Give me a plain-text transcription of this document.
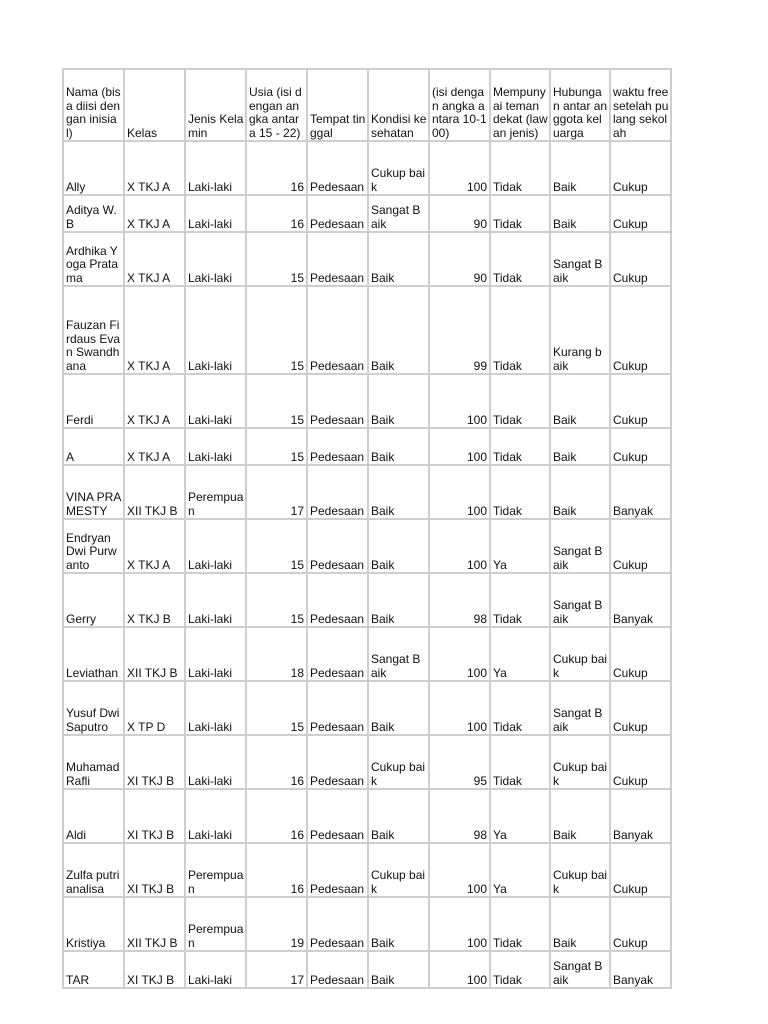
Nama (bisa diisi dengan inisial)	Kelas	Jenis Kelamin	Usia (isi dengan angka antara 15 - 22)	Tempat tinggal	Kondisi kesehatan	(isi dengan angka antara 10-100)	Mempunyai teman dekat (lawan jenis)	Hubungan antar anggota keluarga	waktu free setelah pulang sekolah
Ally	X TKJ A	Laki-laki	16	Pedesaan	Cukup baik	100	Tidak	Baik	Cukup
Aditya W.B	X TKJ A	Laki-laki	16	Pedesaan	Sangat Baik	90	Tidak	Baik	Cukup
Ardhika Yoga Pratama	X TKJ A	Laki-laki	15	Pedesaan	Baik	90	Tidak	Sangat Baik	Cukup
Fauzan Firdaus Evan Swandhana	X TKJ A	Laki-laki	15	Pedesaan	Baik	99	Tidak	Kurang baik	Cukup
Ferdi	X TKJ A	Laki-laki	15	Pedesaan	Baik	100	Tidak	Baik	Cukup
A	X TKJ A	Laki-laki	15	Pedesaan	Baik	100	Tidak	Baik	Cukup
VINA PRAMESTY	XII TKJ B	Perempuan	17	Pedesaan	Baik	100	Tidak	Baik	Banyak
Endryan Dwi Purwanto	X TKJ A	Laki-laki	15	Pedesaan	Baik	100	Ya	Sangat Baik	Cukup
Gerry	X TKJ B	Laki-laki	15	Pedesaan	Baik	98	Tidak	Sangat Baik	Banyak
Leviathan	XII TKJ B	Laki-laki	18	Pedesaan	Sangat Baik	100	Ya	Cukup baik	Cukup
Yusuf Dwi Saputro	X TP D	Laki-laki	15	Pedesaan	Baik	100	Tidak	Sangat Baik	Cukup
Muhamad Rafli	XI TKJ B	Laki-laki	16	Pedesaan	Cukup baik	95	Tidak	Cukup baik	Cukup
Aldi	XI TKJ B	Laki-laki	16	Pedesaan	Baik	98	Ya	Baik	Banyak
Zulfa putri analisa	XI TKJ B	Perempuan	16	Pedesaan	Cukup baik	100	Ya	Cukup baik	Cukup
Kristiya	XII TKJ B	Perempuan	19	Pedesaan	Baik	100	Tidak	Baik	Cukup
TAR	XI TKJ B	Laki-laki	17	Pedesaan	Baik	100	Tidak	Sangat Baik	Banyak
